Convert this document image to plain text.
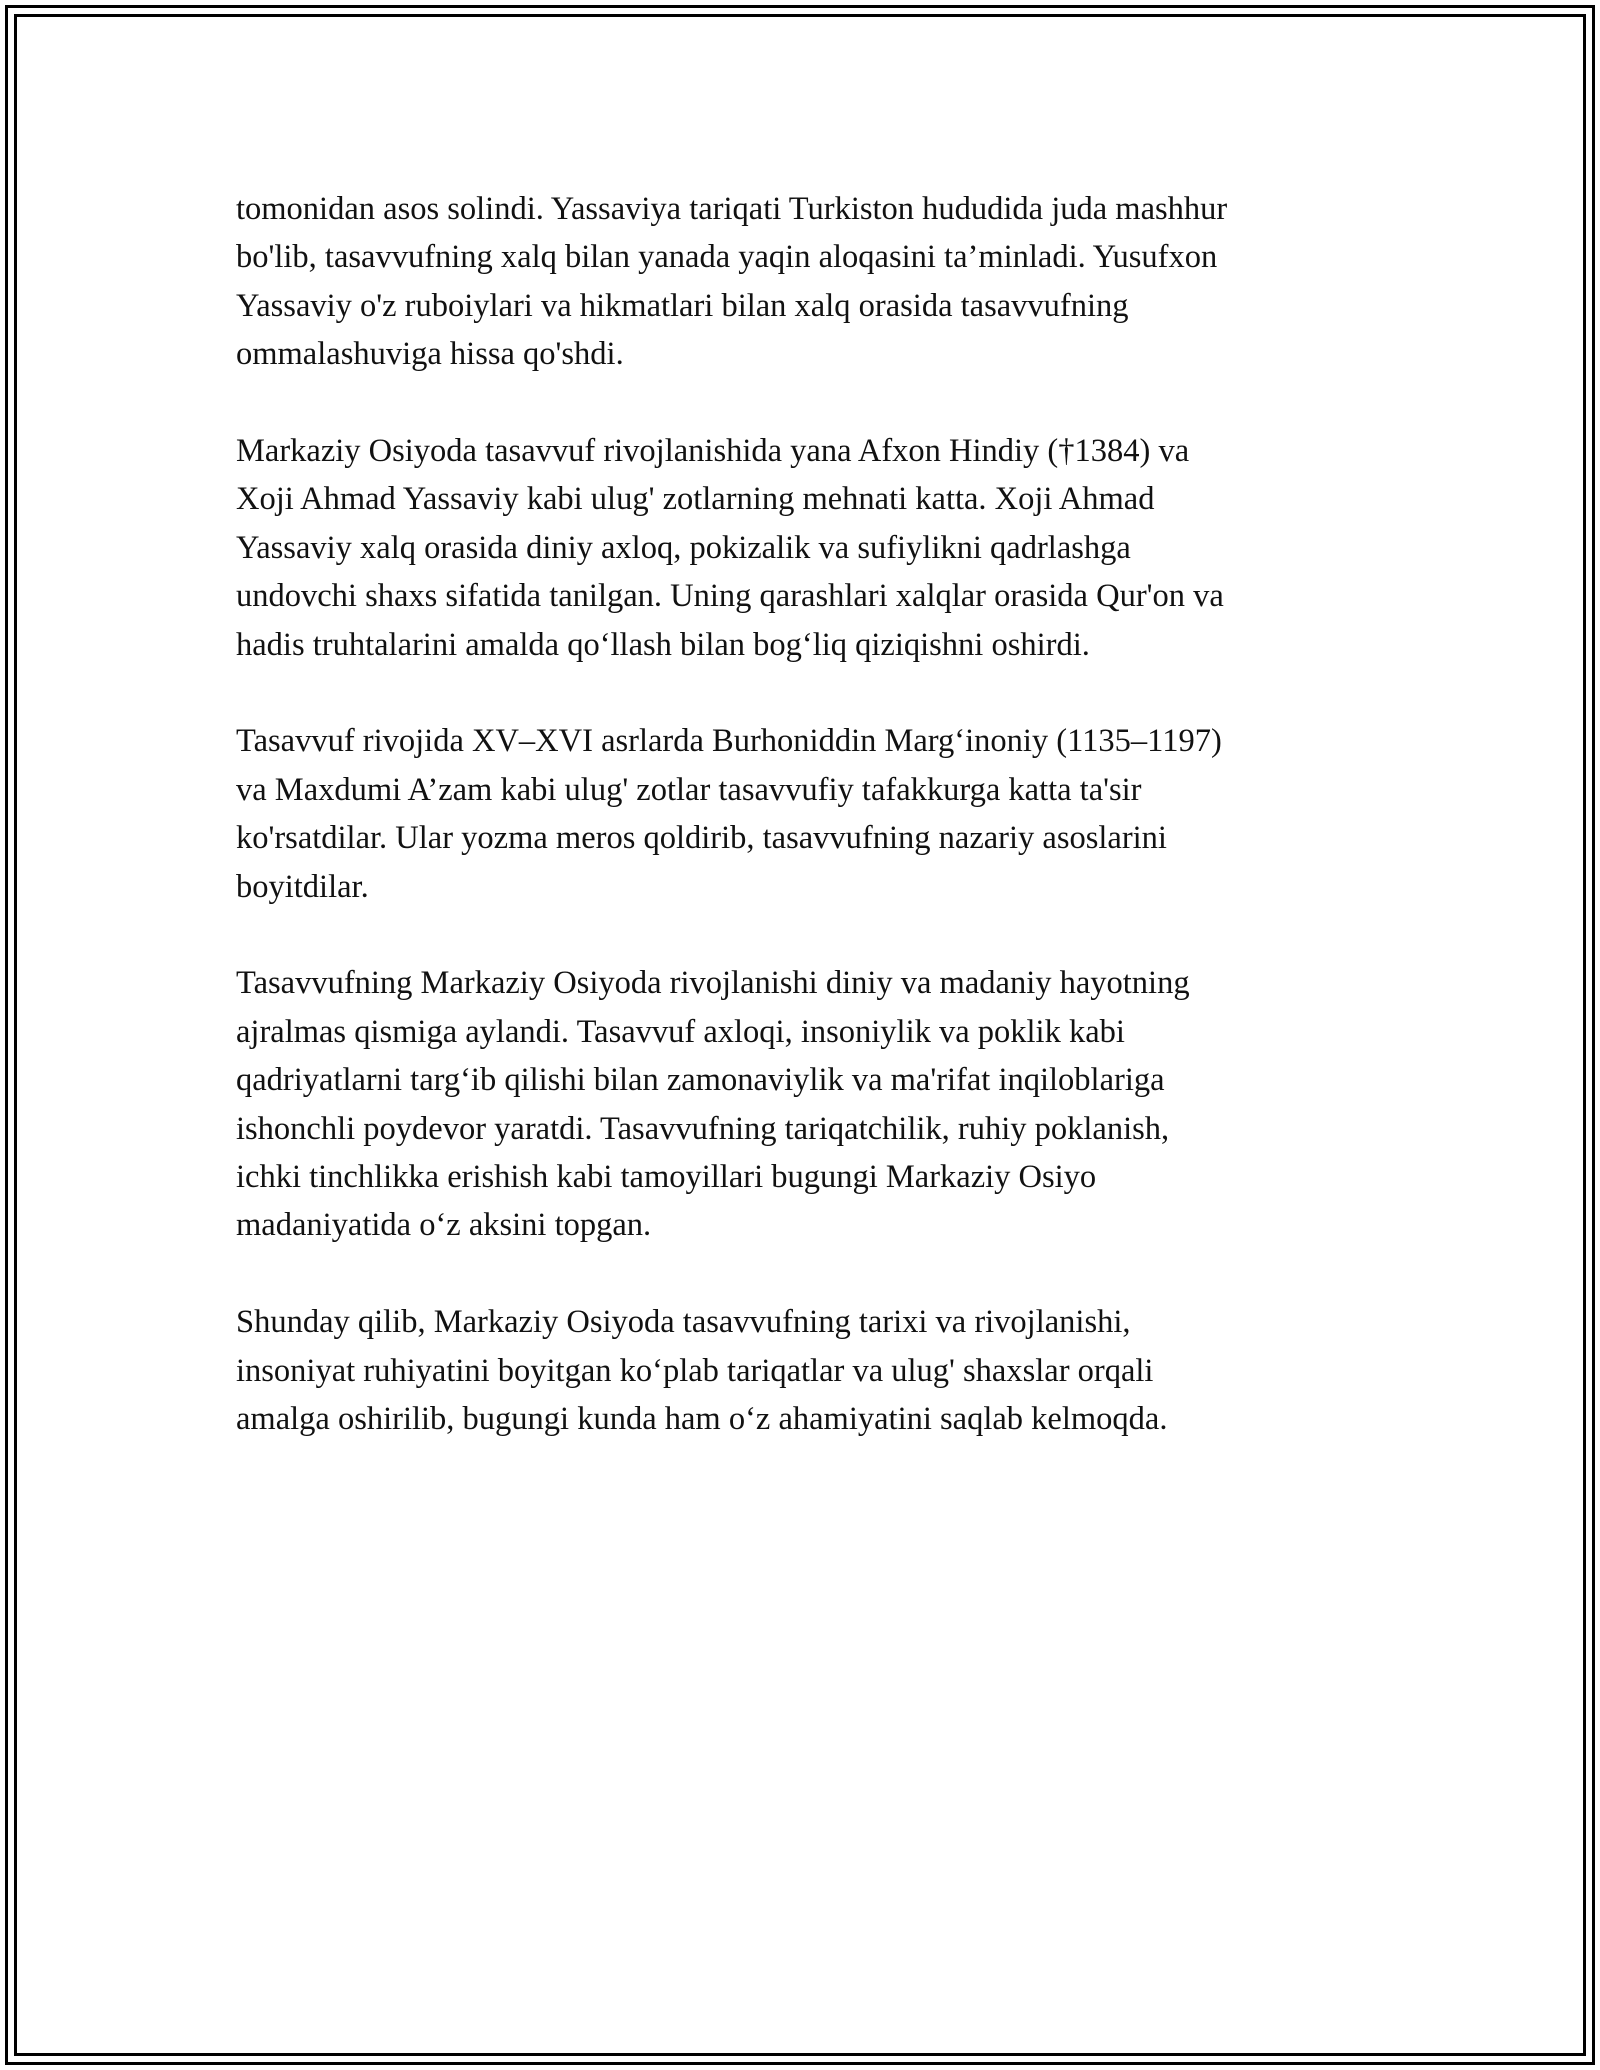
tomonidan asos solindi. Yassaviya tariqati Turkiston hududida juda mashhur
bo'lib, tasavvufning xalq bilan yanada yaqin aloqasini ta’minladi. Yusufxon
Yassaviy o'z ruboiylari va hikmatlari bilan xalq orasida tasavvufning
ommalashuviga hissa qo'shdi.

Markaziy Osiyoda tasavvuf rivojlanishida yana Afxon Hindiy (†1384) va
Xoji Ahmad Yassaviy kabi ulug' zotlarning mehnati katta. Xoji Ahmad
Yassaviy xalq orasida diniy axloq, pokizalik va sufiylikni qadrlashga
undovchi shaxs sifatida tanilgan. Uning qarashlari xalqlar orasida Qur'on va
hadis truhtalarini amalda qo‘llash bilan bog‘liq qiziqishni oshirdi.

Tasavvuf rivojida XV–XVI asrlarda Burhoniddin Marg‘inoniy (1135–1197)
va Maxdumi A’zam kabi ulug' zotlar tasavvufiy tafakkurga katta ta'sir
ko'rsatdilar. Ular yozma meros qoldirib, tasavvufning nazariy asoslarini
boyitdilar.

Tasavvufning Markaziy Osiyoda rivojlanishi diniy va madaniy hayotning
ajralmas qismiga aylandi. Tasavvuf axloqi, insoniylik va poklik kabi
qadriyatlarni targ‘ib qilishi bilan zamonaviylik va ma'rifat inqiloblariga
ishonchli poydevor yaratdi. Tasavvufning tariqatchilik, ruhiy poklanish,
ichki tinchlikka erishish kabi tamoyillari bugungi Markaziy Osiyo
madaniyatida o‘z aksini topgan.

Shunday qilib, Markaziy Osiyoda tasavvufning tarixi va rivojlanishi,
insoniyat ruhiyatini boyitgan ko‘plab tariqatlar va ulug' shaxslar orqali
amalga oshirilib, bugungi kunda ham o‘z ahamiyatini saqlab kelmoqda.
